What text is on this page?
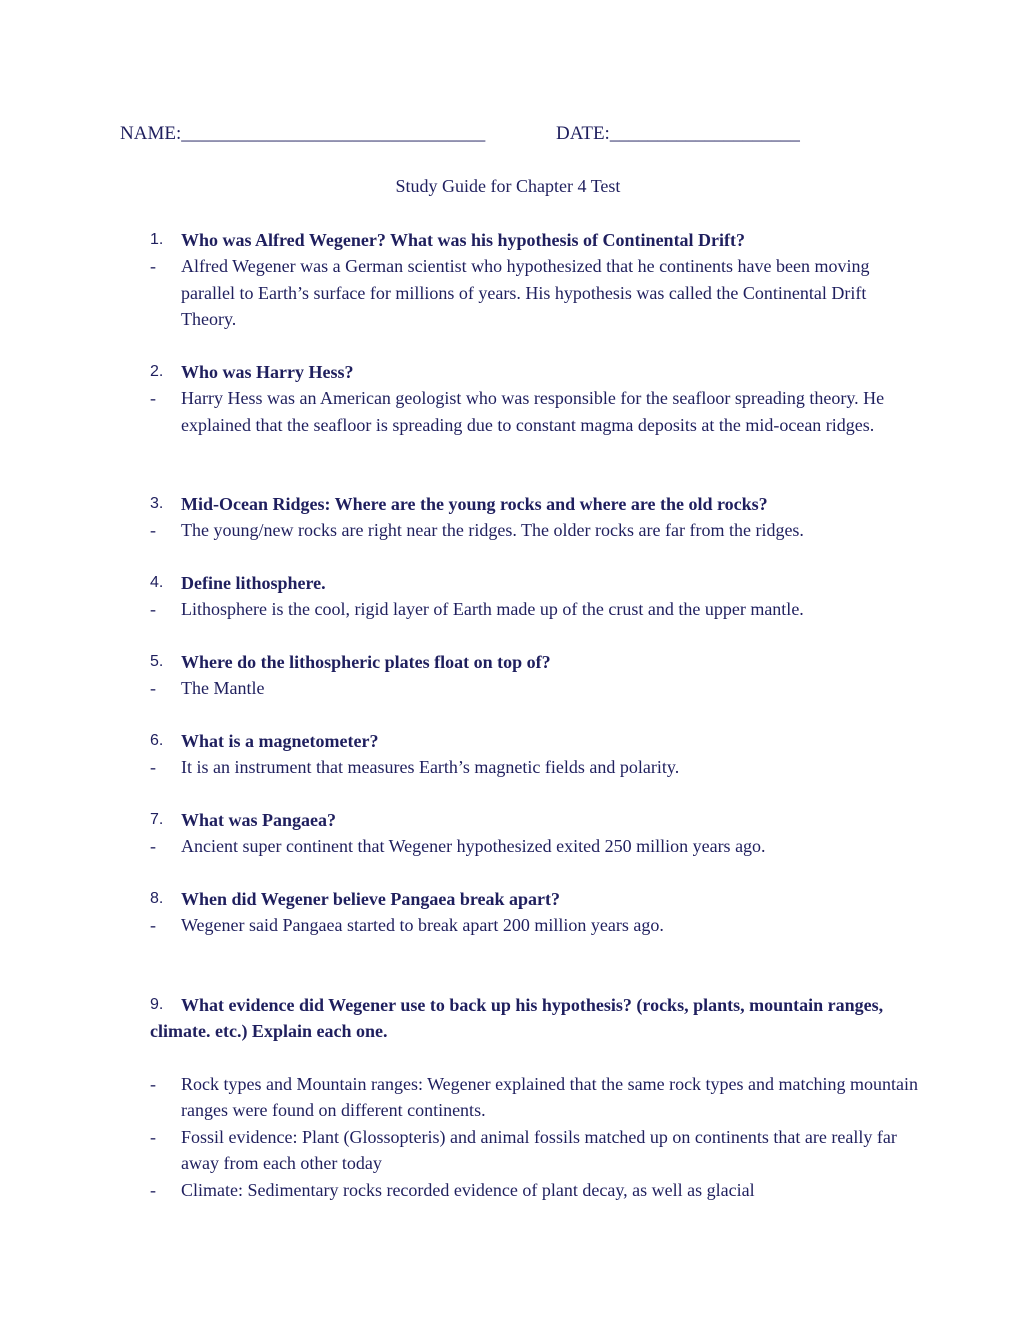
NAME:________________________________	DATE:____________________
Study Guide for Chapter 4 Test
1. Who was Alfred Wegener? What was his hypothesis of Continental Drift?
- Alfred Wegener was a German scientist who hypothesized that he continents have been moving parallel to Earth’s surface for millions of years. His hypothesis was called the Continental Drift Theory.
2. Who was Harry Hess?
- Harry Hess was an American geologist who was responsible for the seafloor spreading theory. He explained that the seafloor is spreading due to constant magma deposits at the mid-ocean ridges.
3. Mid-Ocean Ridges: Where are the young rocks and where are the old rocks?
- The young/new rocks are right near the ridges. The older rocks are far from the ridges.
4. Define lithosphere.
- Lithosphere is the cool, rigid layer of Earth made up of the crust and the upper mantle.
5. Where do the lithospheric plates float on top of?
- The Mantle
6. What is a magnetometer?
- It is an instrument that measures Earth’s magnetic fields and polarity.
7. What was Pangaea?
- Ancient super continent that Wegener hypothesized exited 250 million years ago.
8. When did Wegener believe Pangaea break apart?
- Wegener said Pangaea started to break apart 200 million years ago.
9. What evidence did Wegener use to back up his hypothesis? (rocks, plants, mountain ranges, climate. etc.) Explain each one.
- Rock types and Mountain ranges: Wegener explained that the same rock types and matching mountain ranges were found on different continents.
- Fossil evidence: Plant (Glossopteris) and animal fossils matched up on continents that are really far away from each other today
- Climate: Sedimentary rocks recorded evidence of plant decay, as well as glacial
